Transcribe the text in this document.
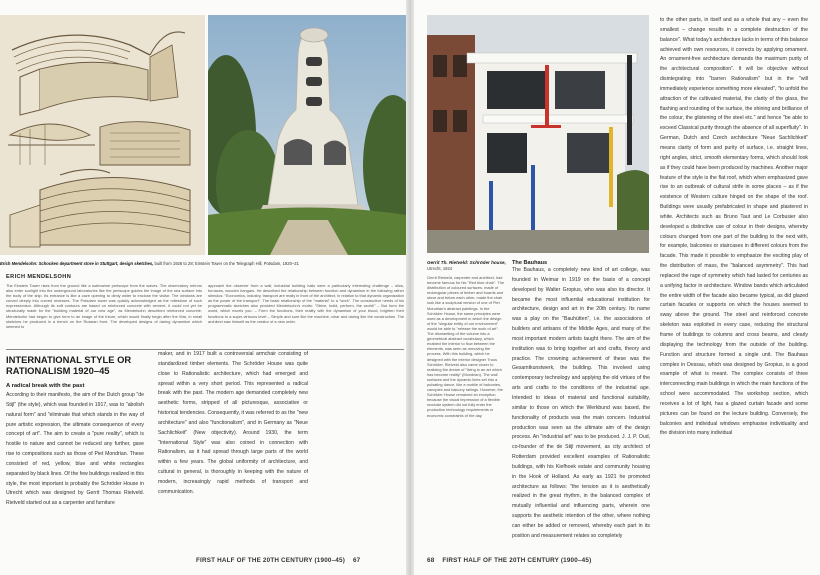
Erich Mendelsohn: Schocken department store in Stuttgart, design sketches, built from 1926 to 28; Einstein Tower on the Telegraph Hill, Potsdam, 1920–21
ERICH MENDELSOHN
The Einstein Tower rises from the ground like a submarine periscope from the waves. The observatory mirrors also enter sunlight into the underground laboratories like the periscope guides the image of the sea surface into the body of the ship. Its entrance is like a cave opening to dimly wider to enclose the visitor. The windows are curved deeply into curved recesses. The Potsdam tower was quickly acknowledged as the milestone of such expressionism. Although its soft contours are based on reinforced concrete with cement, it could not yet be structurally made for the "building material of our new age", as Mendelsohn described reinforced concrete. Mendelsohn had begun to give form to an image of the future, which would finally begin after the War, in small sketches he produced in a trench on the Russian front. The developed designs of daring dynamism which seemed to
approach the observer from a wall, industrial building halls were a particularly interesting challenge – silos, furnaces, wooden hangars. He described the relationship between function and dynamism in the following rather stimulus: "Economics, industry, transport are really in front of the architect, in relation to that dynamic organization as the power of the transport". The basic relationship of the "material" to a "work". The constructive needs of his programmatic sketches also provided Mendelsohn's motto: "Strive, build, perform, the world!" – But form the world, which excels you: – Form the functions, their reality with the dynamism of your blood, brighten their functions to a super-virtuous level – Simple and sure like the machine, clear and daring like the construction. The architect saw himself as the creator of a new order.
INTERNATIONAL STYLE OR
RATIONALISM 1920–45
A radical break with the past
According to their manifesto, the aim of the Dutch group "de Stijl" (the style), which was founded in 1917, was to "abolish natural form" and "eliminate that which stands in the way of pure artistic expression, the ultimate consequence of every concept of art". The aim to create a "pure reality", which is hostile to nature and cannot be reduced any further, gave rise to compositions such as those of Piet Mondrian. These consisted of red, yellow, blue and white rectangles separated by black lines. Of the few buildings realized in this style, the most important is probably the Schröder House in Utrecht which was designed by Gerrit Thomas Rietveld. Rietveld started out as a carpenter and furniture
maker, and in 1917 built a controversial armchair consisting of standardized timber elements. The Schröder House was quite close to Rationalistic architecture, which had emerged and spread within a very short period. This represented a radical break with the past. The modern age demanded completely new aesthetic forms, stripped of all picturesque, associative or historical tendencies. Consequently, it was referred to as the "new architecture" and also "functionalism", and in Germany as "Neue Sachlichkeit" (New objectivity). Around 1930, the term "International Style" was also coined in connection with Rationalism, as it had spread through large parts of the world within a few years. The global uniformity of architecture, and cultural in general, is thoroughly in keeping with the nature of modern, increasingly rapid methods of transport and communication.
FIRST HALF OF THE 20TH CENTURY (1900–45) 67
Gerrit Th. Rietveld: Schröder house,
Utrecht, 1924
Gerrit Rietveld, carpenter and architect, had become famous for his "Red blue chair". The distribution of coloured surfaces, made of rectangular pieces of timber and boards and stove and below each other, made the chair look like a sculptural version of one of Piet Mondrian's abstract paintings. In the Schröder House, the same principles were used as a development in which the design of the "singular entity of our environment" would be able to "release the work of art". The dismantling of the volume into a geometrical abstract vocabulary, which enabled the interior to flow between the elements, was seen as removing the process. With this building, which he designed with the interior designer Truus Schröder, Rietveld also came closer to realizing the dream of "living in an art which has become reality" (Mondrian). The wall surfaces and the dynamic lines set into a pulsating dance, like a mobile of balconies, canopies and balcony railings. However, the Schröder House remained an exception because the visual impression of a flexible modular system did not fully enter the production technology requirements or economic constraints of the day.
The Bauhaus
The Bauhaus, a completely new kind of art college, was founded in Weimar in 1919 on the basis of a concept developed by Walter Gropius, who was also its director. It became the most influential educational institution for architecture, design and art in the 20th century. Its name was a play on the "Bauhütten", i.e. the associations of builders and artisans of the Middle Ages, and many of the most important modern artists taught there. The aim of the institution was to bring together art and crafts, theory and practice. The crowning achievement of these was the Gesamtkunstwerk, the building. This involved using contemporary technology and applying the old virtues of the arts and crafts to the conditions of the industrial age. Intended to ideas of material and functional suitability, similar to those on which the Werkbund was based, the functionality of products was the main concern. Industrial production was seen as the ultimate aim of the design process. An "industrial art" was to be produced. J. J. P. Oud, co-founder of the de Stijl movement, as city architect of Rotterdam provided excellent examples of Rationalistic buildings, with his Kiefhoek estate and community housing in the Hook of Holland. As early as 1921 he promoted architecture as follows: "the tension as it is aesthetically realized in the great rhythm, in the balanced complex of mutually influential and influencing parts, wherein one supports the aesthetic intention of the other, where nothing can either be added or removed, whereby each part in its position and measurement relates so completely
to the other parts, in itself and as a whole that any – even the smallest – change results in a complete destruction of the balance". What today's architecture lacks in terms of this balance achieved with own resources, it corrects by applying ornament. An ornament-free architecture demands the maximum purity of the architectural composition". It will be objective without disintegrating into "barren Rationalism" but in the "will immediately experience something more elevated", "to unfold the attraction of the cultivated material, the clarity of the glass, the flashing and rounding of the surface, the shining and brilliance of the colour, the glistening of the steel etc." and hence "be able to exceed Classical purity through the absence of all superfluity". In German, Dutch and Czech architecture "Neue Sachlichkeit" means clarity of form and purity of surface, i.e. straight lines, right angles, strict, smooth elementary forms, which should look as if they could have been produced by machines. Another major feature of the style is the flat roof, which when emphasized gave rise to an outbreak of cultural strife in some places – as if the existence of Western culture hinged on the shape of the roof. Buildings were usually prefabricated in shape and plastered in white. Architects such as Bruno Taut and Le Corbusier also developed a distinctive use of colour in their designs, whereby colours changed from one part of the building to the next with, for example, balconies or staircases in different colours from the facade. This made it possible to emphasize the exciting play of the distribution of mass, the "balanced asymmetry". This had replaced the rage of symmetry which had lasted for centuries as a unifying factor in architecture. Window bands which articulated the entire width of the facade also became typical, as did glazed curtain facades or supports on which the houses seemed to sway above the ground. The steel and reinforced concrete skeleton was exploited in every case, reducing the structural frame of buildings to columns and cross beams, and clearly displaying the technology from the outside of the building. Function and structure formed a single unit. The Bauhaus complex in Dessau, which was designed by Gropius, is a good example of what is meant. The complex consists of three interconnecting main buildings in which the main functions of the school were accommodated. The workshop section, which receives a lot of light, has a glazed curtain facade and some pictures can be found on the lecture building. Conversely, the balconies and individual windows emphasise individuality and the division into many individual
68 FIRST HALF OF THE 20TH CENTURY (1900–45)
